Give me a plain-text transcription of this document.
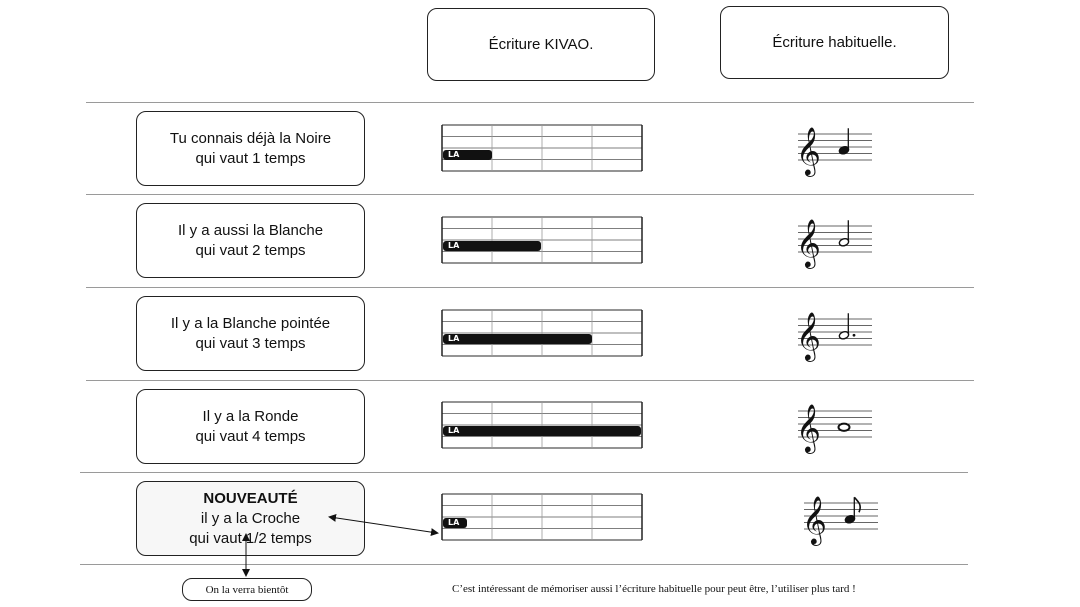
Écriture KIVAO.	Écriture habituelle.
Tu connais déjà la Noire
qui vaut 1 temps
Il y a aussi la Blanche
qui vaut 2 temps
Il y a la Blanche pointée
qui vaut 3 temps
Il y a la Ronde
qui vaut 4 temps
NOUVEAUTÉ
il y a la Croche
qui vaut 1/2 temps
𝄞
𝄞
𝄞
𝄞
𝄞
LA
LA
LA
LA
LA
On la verra bientôt	C’est intéressant de mémoriser aussi l’écriture habituelle pour peut être, l’utiliser plus tard !
